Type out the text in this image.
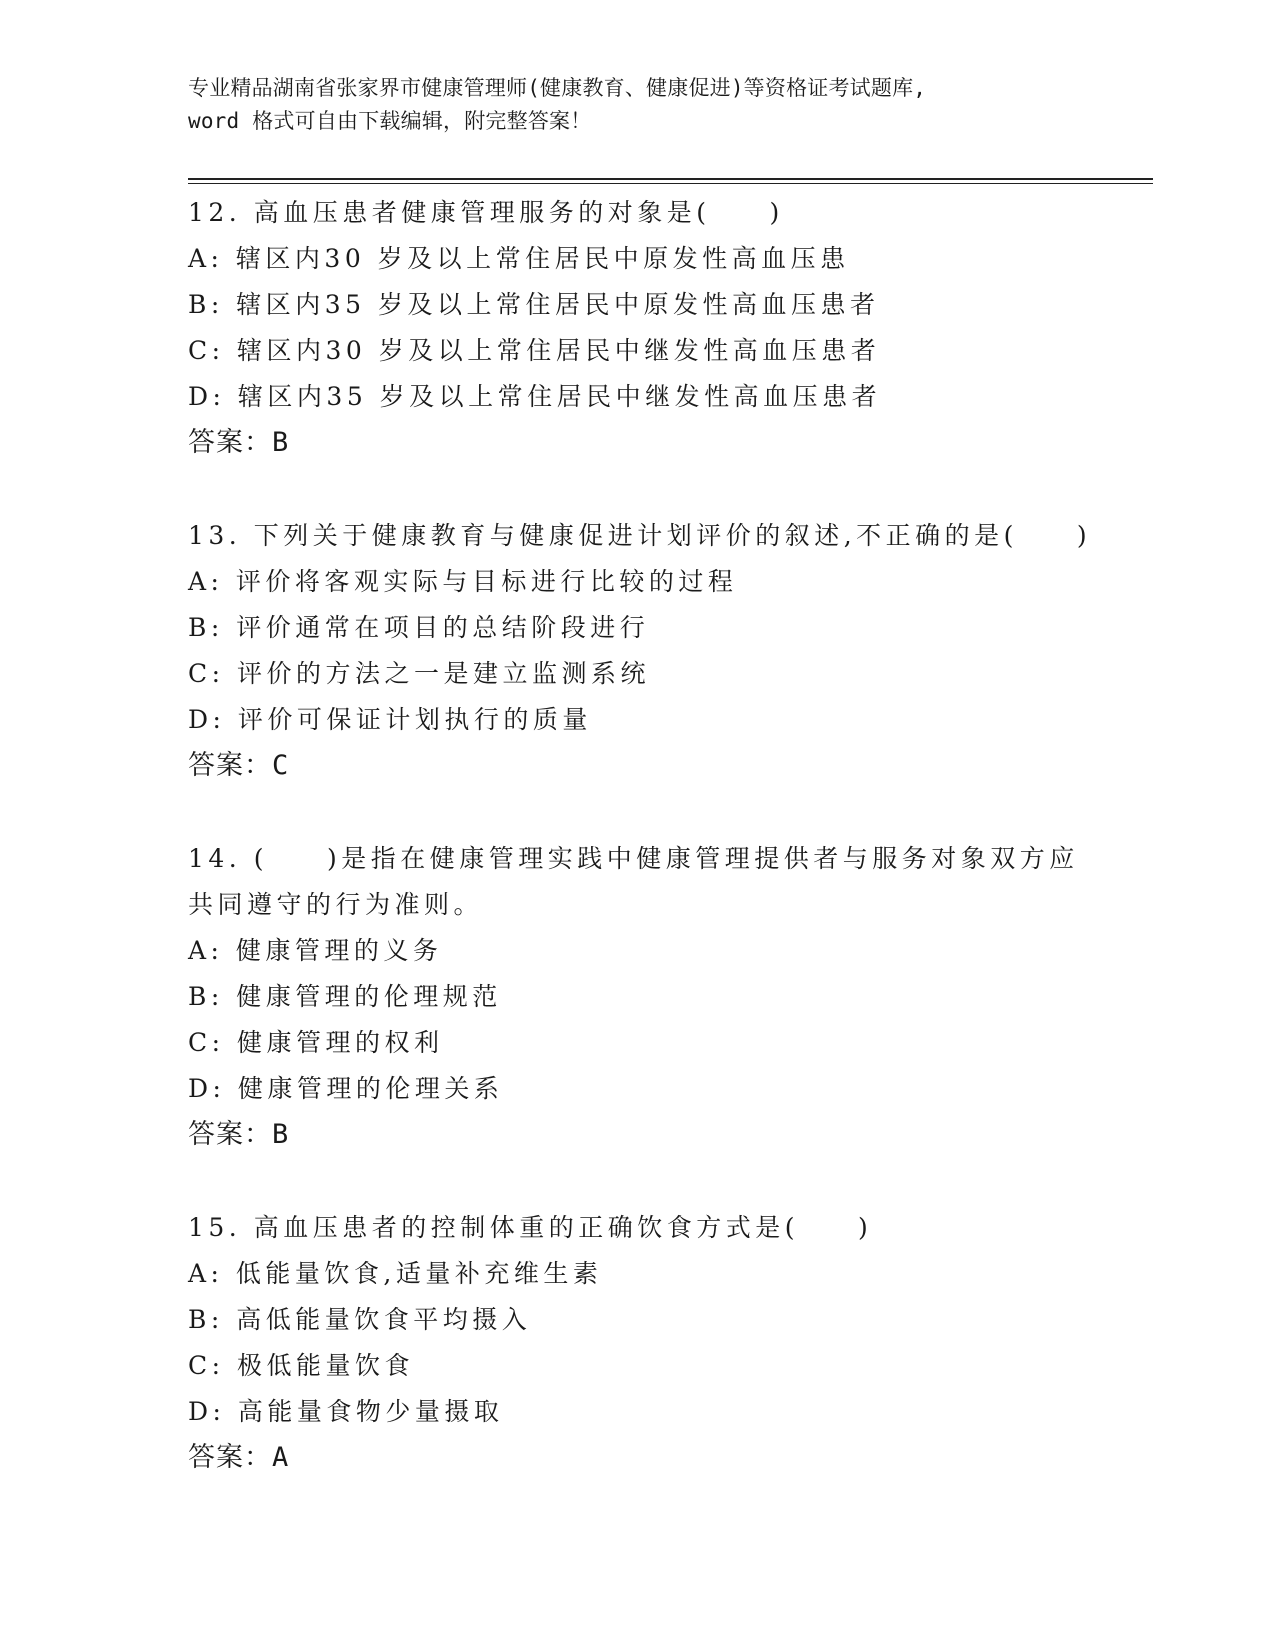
专业精品湖南省张家界市健康管理师(健康教育、健康促进)等资格证考试题库,
word 格式可自由下载编辑，附完整答案！
12. 高血压患者健康管理服务的对象是(　　)
A: 辖区内30 岁及以上常住居民中原发性高血压患
B: 辖区内35 岁及以上常住居民中原发性高血压患者
C: 辖区内30 岁及以上常住居民中继发性高血压患者
D: 辖区内35 岁及以上常住居民中继发性高血压患者
答案：B
13. 下列关于健康教育与健康促进计划评价的叙述,不正确的是(　　)
A: 评价将客观实际与目标进行比较的过程
B: 评价通常在项目的总结阶段进行
C: 评价的方法之一是建立监测系统
D: 评价可保证计划执行的质量
答案：C
14. (　　)是指在健康管理实践中健康管理提供者与服务对象双方应
共同遵守的行为准则。
A: 健康管理的义务
B: 健康管理的伦理规范
C: 健康管理的权利
D: 健康管理的伦理关系
答案：B
15. 高血压患者的控制体重的正确饮食方式是(　　)
A: 低能量饮食,适量补充维生素
B: 高低能量饮食平均摄入
C: 极低能量饮食
D: 高能量食物少量摄取
答案：A
